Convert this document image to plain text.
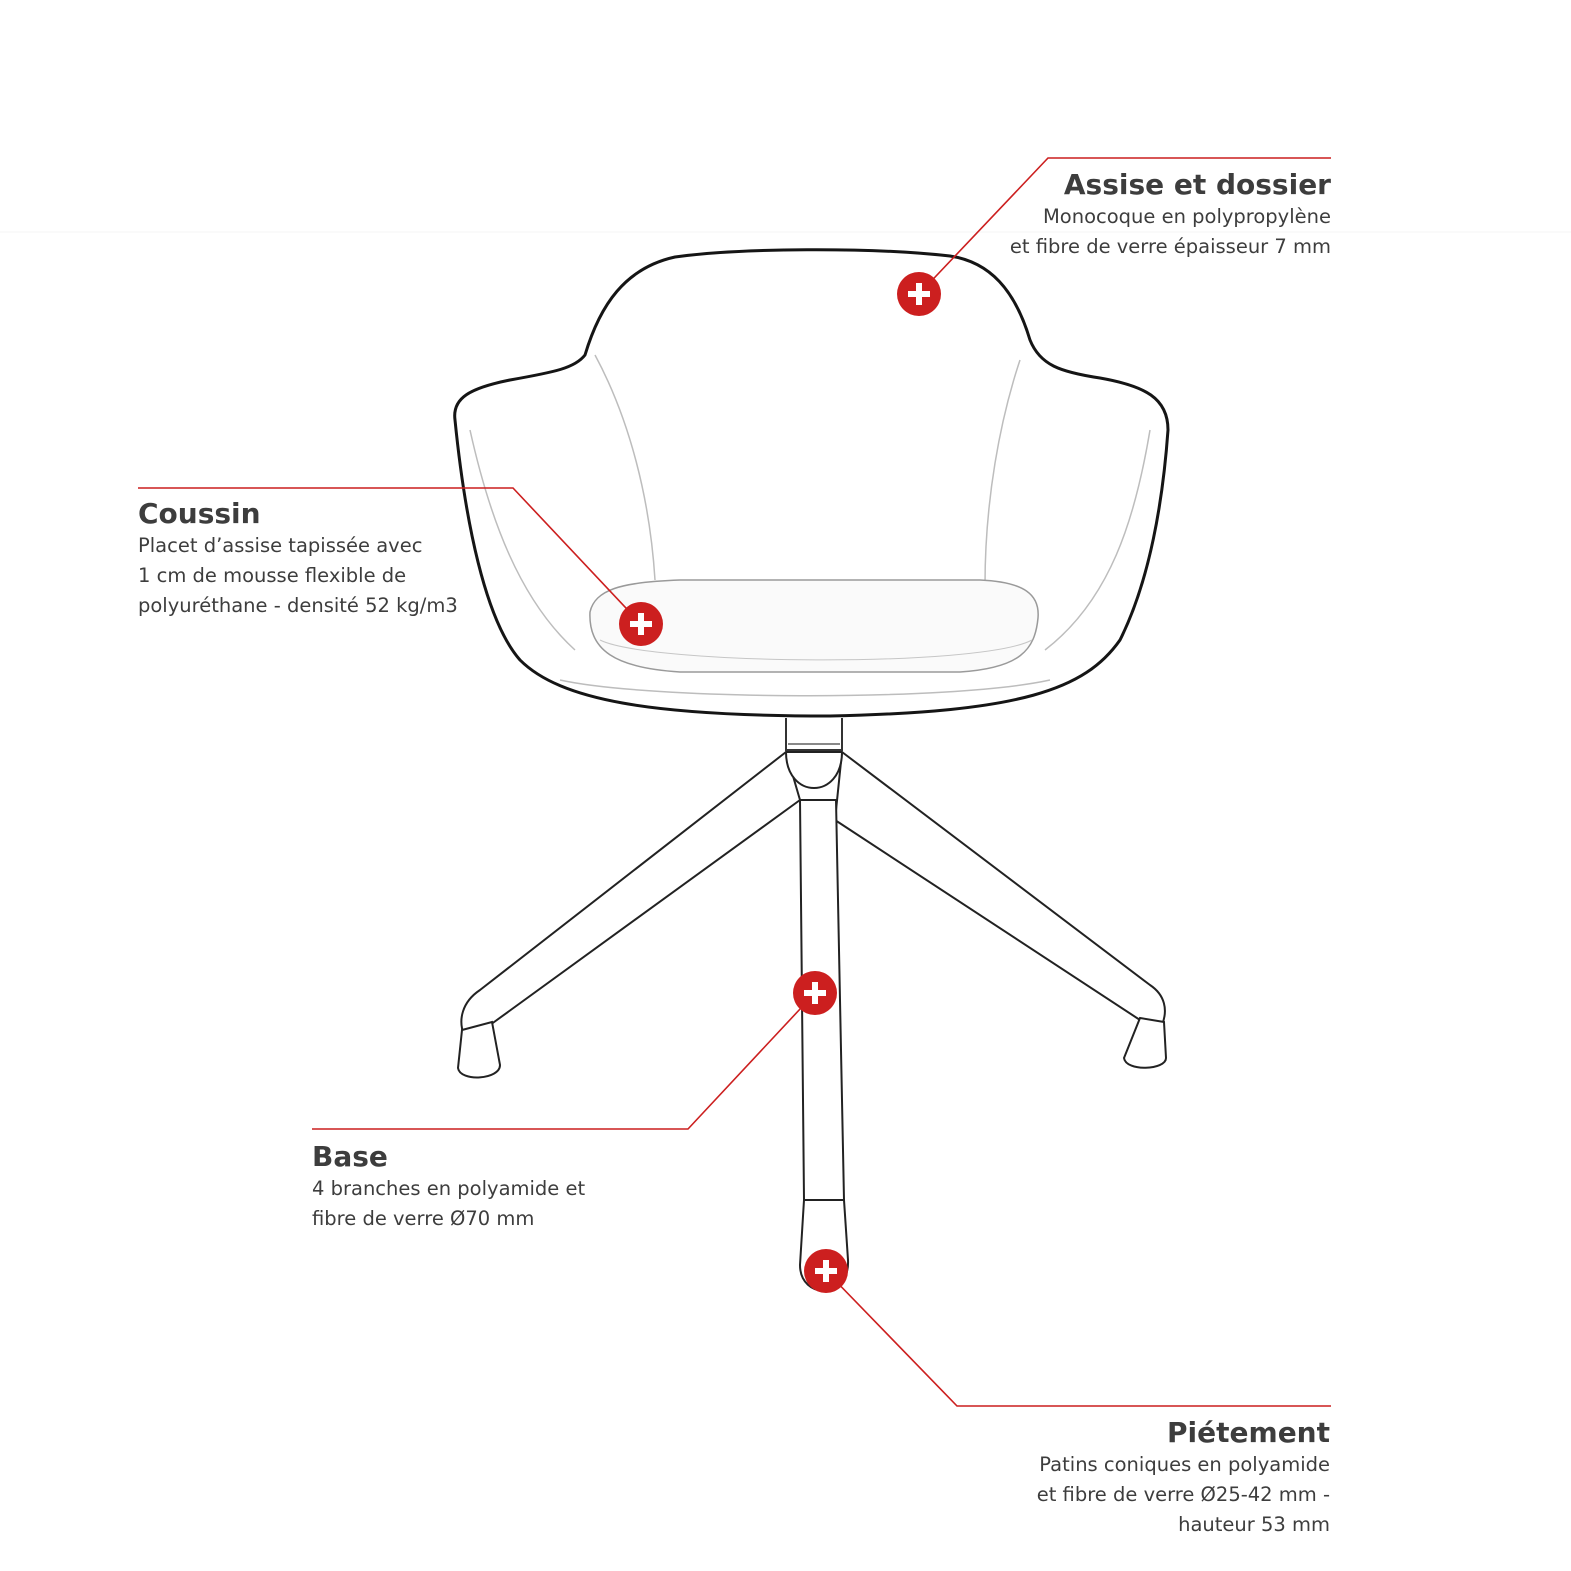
Assise et dossier
Monocoque en polypropylène
et fibre de verre épaisseur 7 mm
Coussin
Placet d’assise tapissée avec
1 cm de mousse flexible de
polyuréthane - densité 52 kg/m3
Base
4 branches en polyamide et
fibre de verre Ø70 mm
Piétement
Patins coniques en polyamide
et fibre de verre Ø25-42 mm -
hauteur 53 mm
